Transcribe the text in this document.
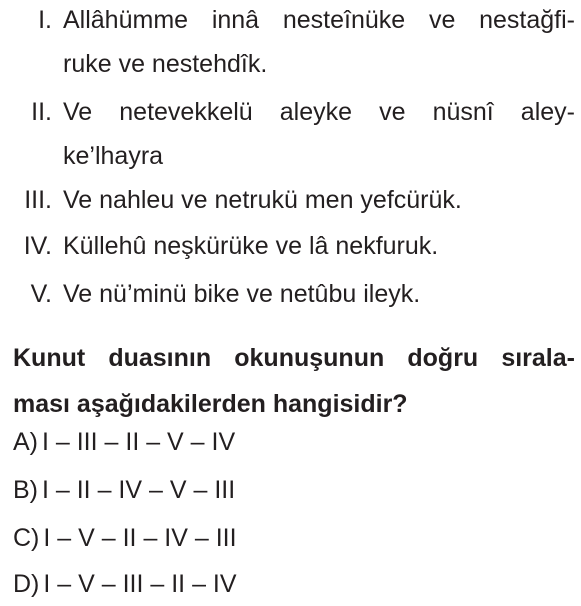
I. Allâhümme innâ nesteînüke ve nestağfi-
ruke ve nestehdîk.
II. Ve netevekkelü aleyke ve nüsnî aley-
ke’lhayra
III. Ve nahleu ve netrukü men yefcürük.
IV. Küllehû neşkürüke ve lâ nekfuruk.
V. Ve nü’minü bike ve netûbu ileyk.
Kunut duasının okunuşunun doğru sırala-
ması aşağıdakilerden hangisidir?
A) I – III – II – V – IV
B) I – II – IV – V – III
C) I – V – II – IV – III
D) I – V – III – II – IV
